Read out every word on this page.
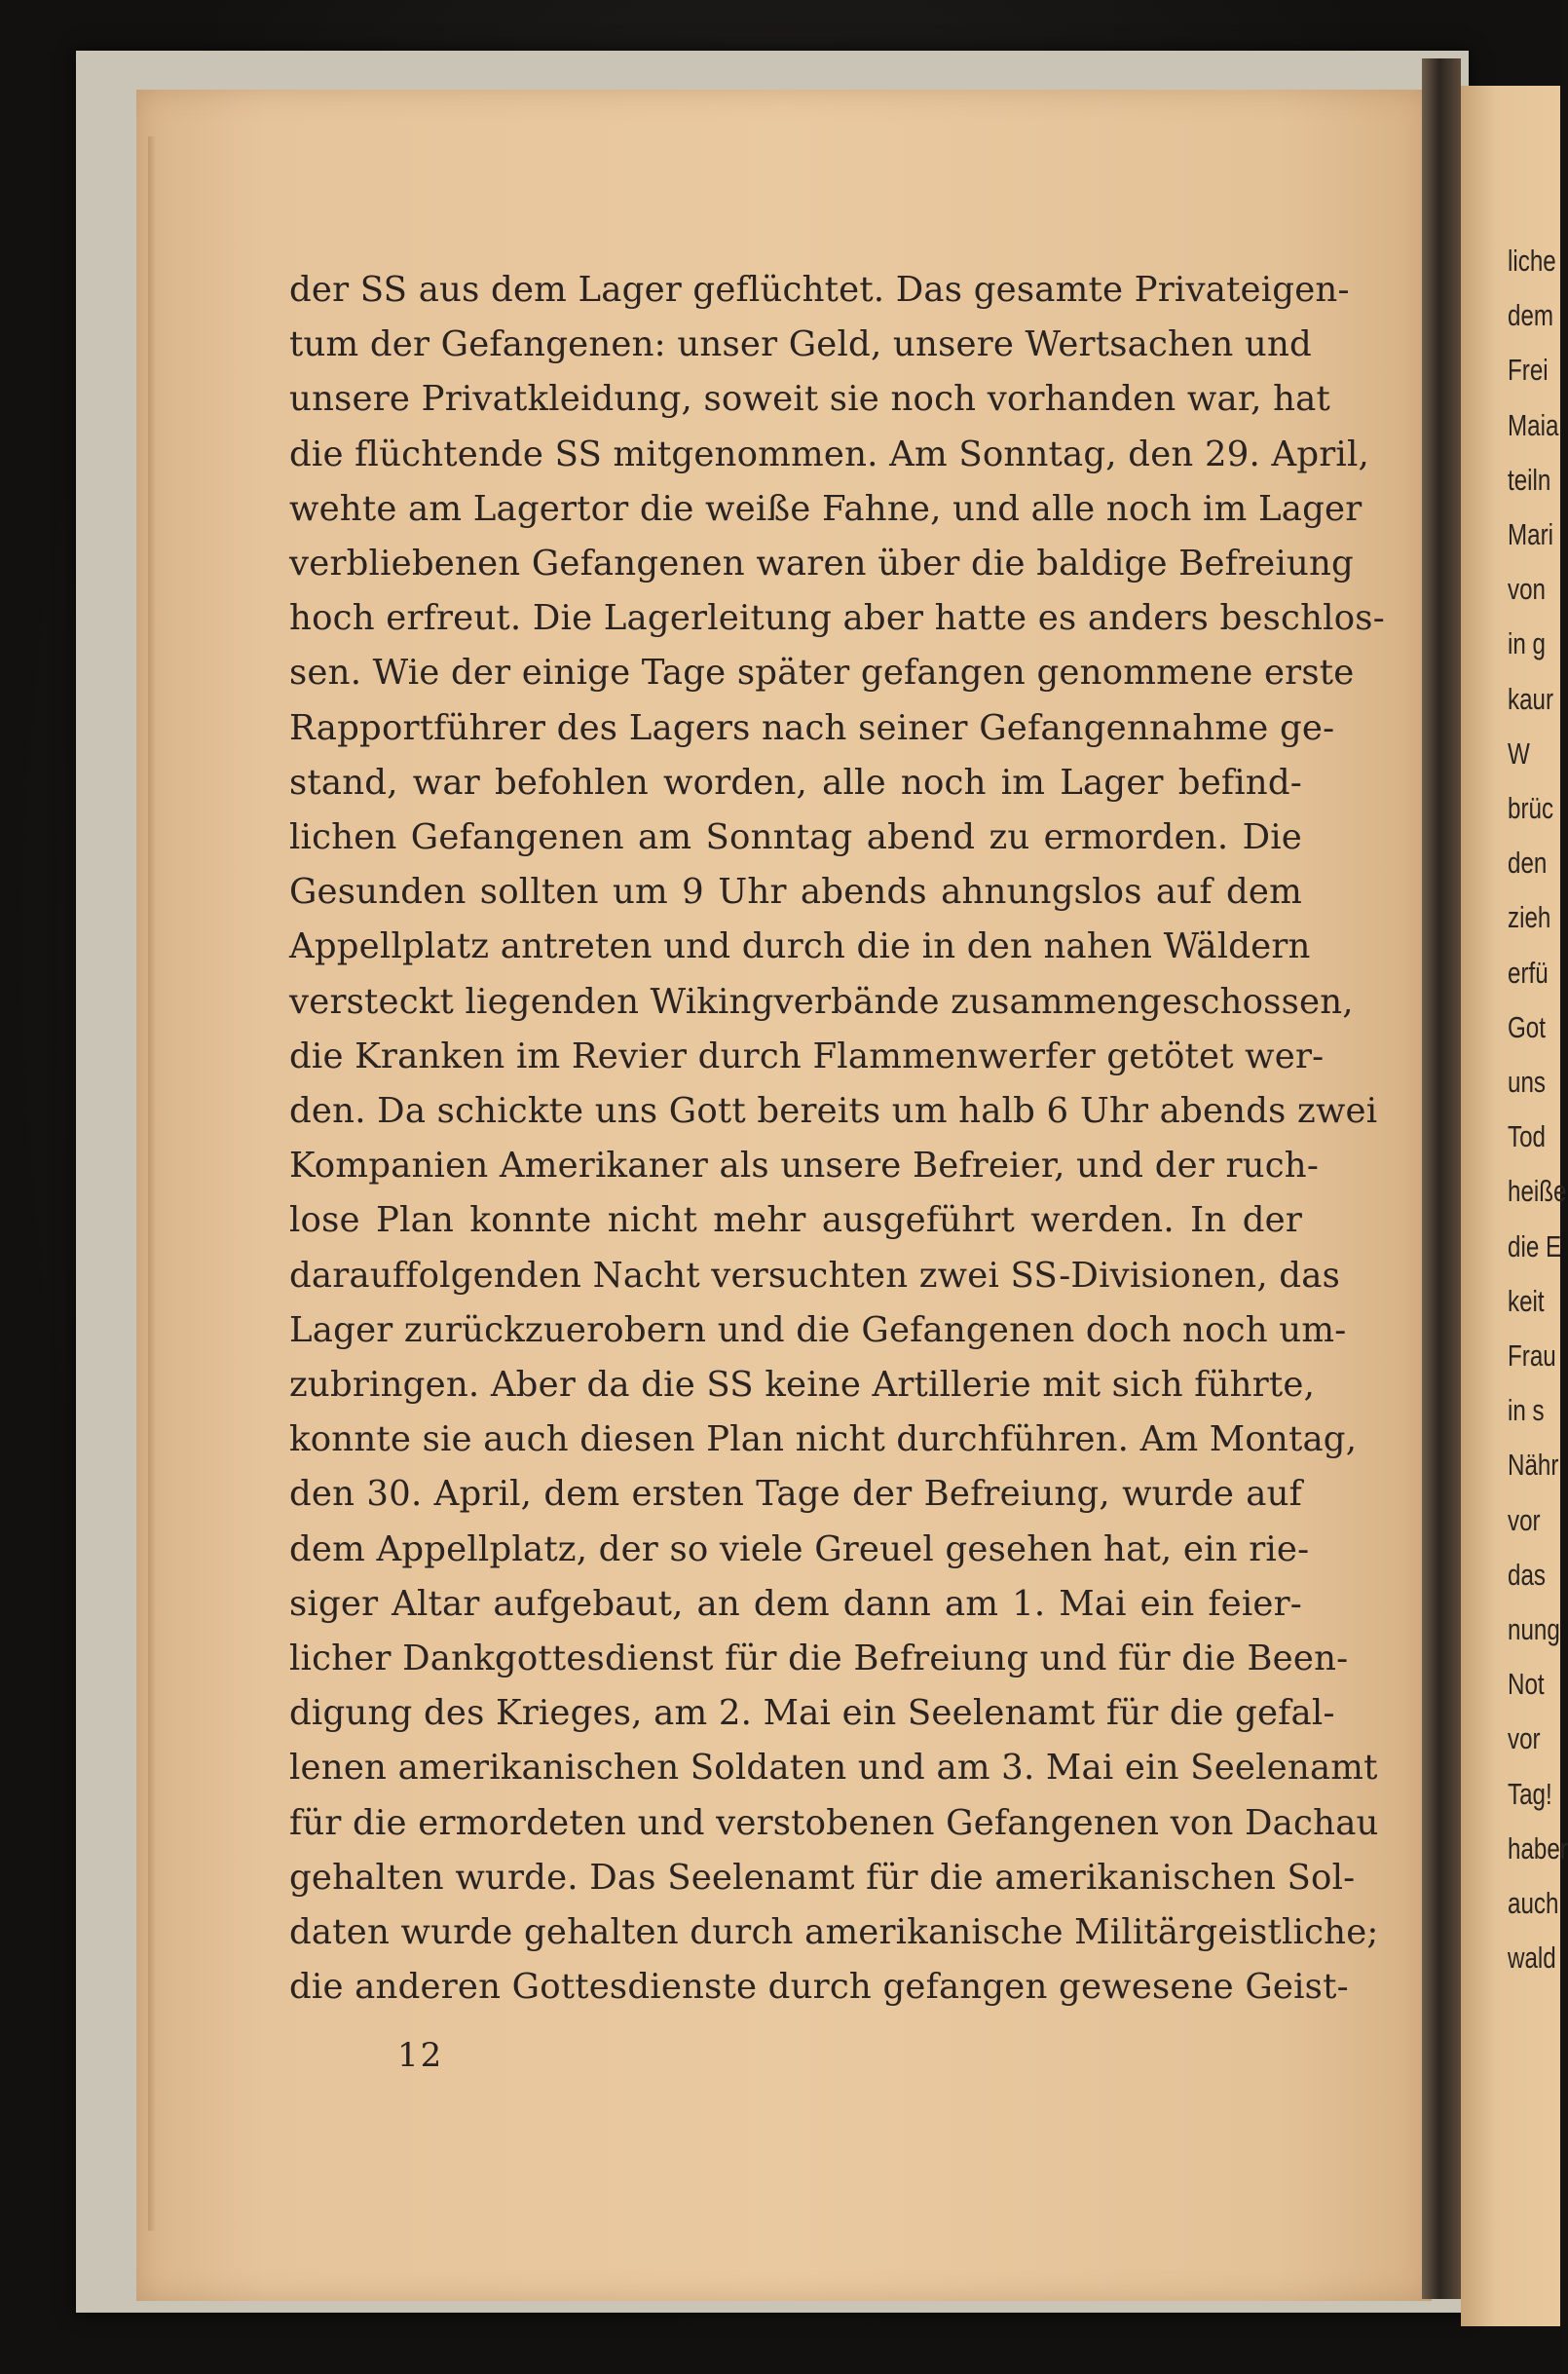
der SS aus dem Lager geflüchtet. Das gesamte Privateigen-
tum der Gefangenen: unser Geld, unsere Wertsachen und
unsere Privatkleidung, soweit sie noch vorhanden war, hat
die flüchtende SS mitgenommen. Am Sonntag, den 29. April,
wehte am Lagertor die weiße Fahne, und alle noch im Lager
verbliebenen Gefangenen waren über die baldige Befreiung
hoch erfreut. Die Lagerleitung aber hatte es anders beschlos-
sen. Wie der einige Tage später gefangen genommene erste
Rapportführer des Lagers nach seiner Gefangennahme ge-
stand, war befohlen worden, alle noch im Lager befind-
lichen Gefangenen am Sonntag abend zu ermorden. Die
Gesunden sollten um 9 Uhr abends ahnungslos auf dem
Appellplatz antreten und durch die in den nahen Wäldern
versteckt liegenden Wikingverbände zusammengeschossen,
die Kranken im Revier durch Flammenwerfer getötet wer-
den. Da schickte uns Gott bereits um halb 6 Uhr abends zwei
Kompanien Amerikaner als unsere Befreier, und der ruch-
lose Plan konnte nicht mehr ausgeführt werden. In der
darauffolgenden Nacht versuchten zwei SS-Divisionen, das
Lager zurückzuerobern und die Gefangenen doch noch um-
zubringen. Aber da die SS keine Artillerie mit sich führte,
konnte sie auch diesen Plan nicht durchführen. Am Montag,
den 30. April, dem ersten Tage der Befreiung, wurde auf
dem Appellplatz, der so viele Greuel gesehen hat, ein rie-
siger Altar aufgebaut, an dem dann am 1. Mai ein feier-
licher Dankgottesdienst für die Befreiung und für die Been-
digung des Krieges, am 2. Mai ein Seelenamt für die gefal-
lenen amerikanischen Soldaten und am 3. Mai ein Seelenamt
für die ermordeten und verstobenen Gefangenen von Dachau
gehalten wurde. Das Seelenamt für die amerikanischen Sol-
daten wurde gehalten durch amerikanische Militärgeistliche;
die anderen Gottesdienste durch gefangen gewesene Geist-
12
liche
dem
Frei
Maia
teiln
Mari
von
in g
kaur
W
brüc
den
zieh
erfü
Got
uns
Tod
heiße
die E
keit
Frau
in s
Nähr
vor
das
nung
Not
vor
Tag!
haber
auch
wald
